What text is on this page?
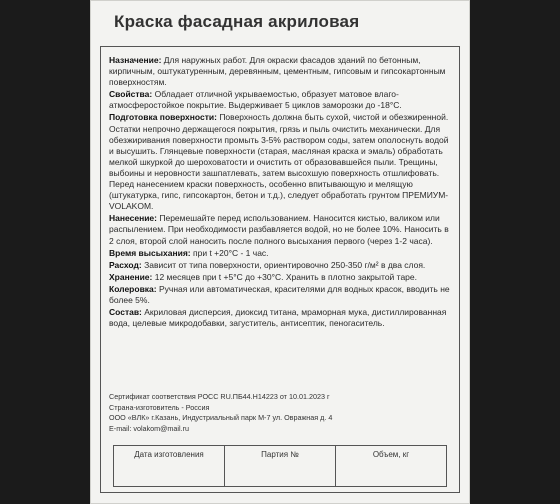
Краска фасадная акриловая

Назначение: Для наружных работ. Для окраски фасадов зданий по бетонным, кирпичным, оштукатуренным, деревянным, цементным, гипсовым и гипсокартонным поверхностям.

Свойства: Обладает отличной укрываемостью, образует матовое влаго-атмосферостойкое покрытие. Выдерживает 5 циклов заморозки до -18°С.

Подготовка поверхности: Поверхность должна быть сухой, чистой и обезжиренной. Остатки непрочно держащегося покрытия, грязь и пыль очистить механически. Для обезжиривания поверхности промыть 3-5% раствором соды, затем ополоснуть водой и высушить. Глянцевые поверхности (старая, масляная краска и эмаль) обработать мелкой шкуркой до шероховатости и очистить от образовавшейся пыли. Трещины, выбоины и неровности зашпатлевать, затем высохшую поверхность отшлифовать. Перед нанесением краски поверхность, особенно впитывающую и мелящую (штукатурка, гипс, гипсокартон, бетон и т.д.), следует обработать грунтом ПРЕМИУМ-VOLAKOM.

Нанесение: Перемешайте перед использованием. Наносится кистью, валиком или распылением. При необходимости разбавляется водой, но не более 10%. Наносить в 2 слоя, второй слой наносить после полного высыхания первого (через 1-2 часа).

Время высыхания: при t +20°С - 1 час.

Расход: Зависит от типа поверхности, ориентировочно 250-350 г/м² в два слоя.

Хранение: 12 месяцев при t +5°С до +30°С. Хранить в плотно закрытой таре.

Колеровка: Ручная или автоматическая, красителями для водных красок, вводить не более 5%.

Состав: Акриловая дисперсия, диоксид титана, мраморная мука, дистиллированная вода, целевые микродобавки, загуститель, антисептик, пеногаситель.

Сертификат соответствия РОСС RU.ПБ44.Н14223 от 10.01.2023 г
Страна-изготовитель - Россия
ООО «ВЛК» г.Казань, Индустриальный парк М-7 ул. Овражная д. 4
E-mail: volakom@mail.ru
Дата изготовления	Партия №	Объем, кг
